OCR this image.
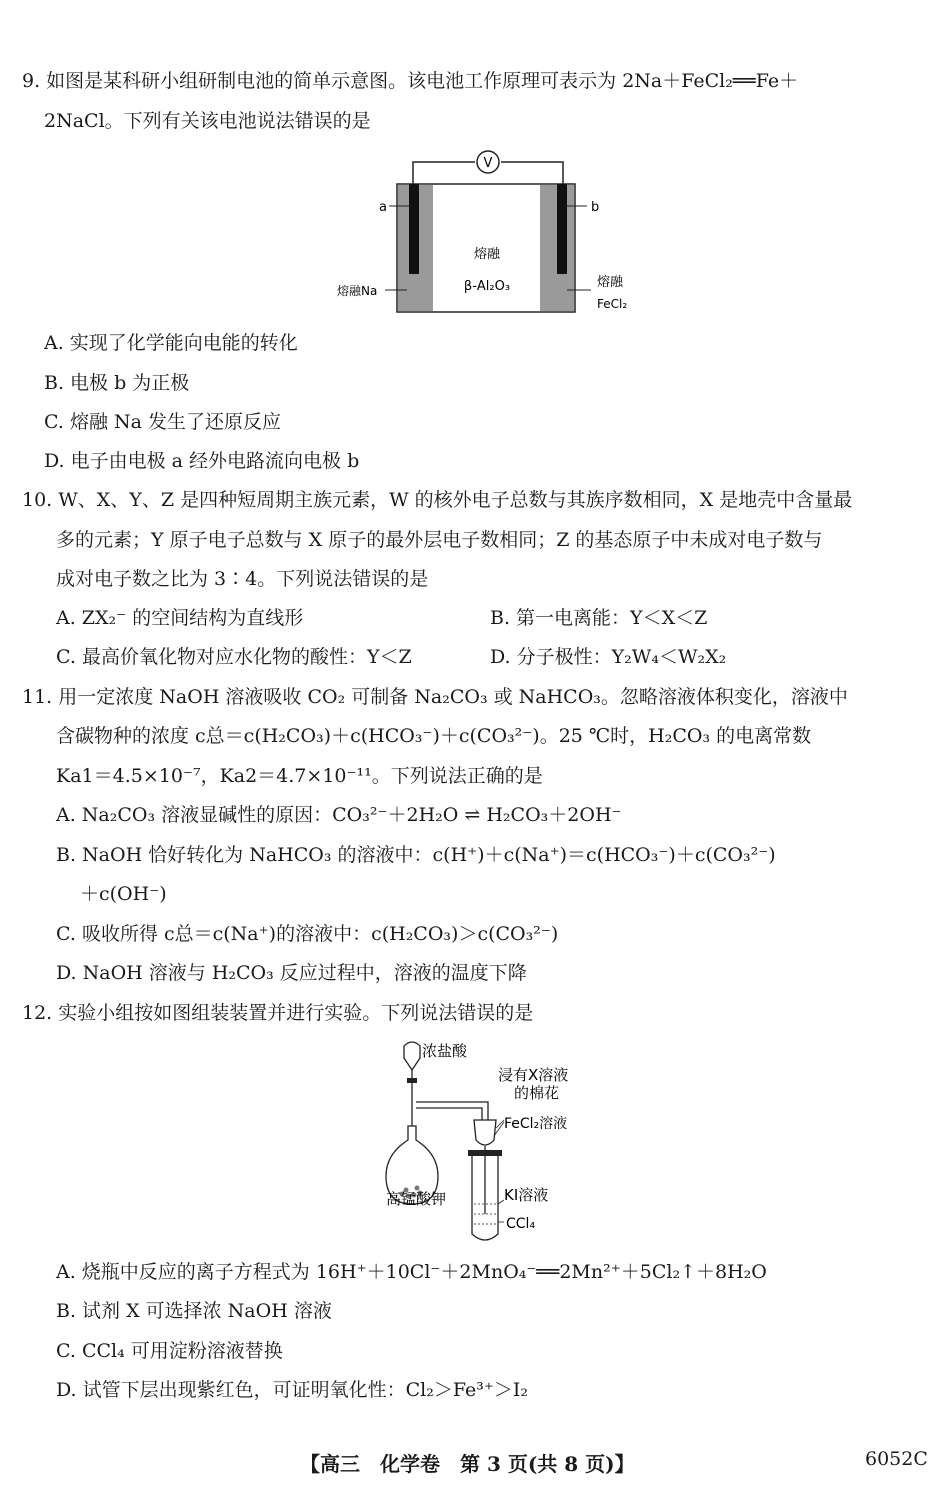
9. 如图是某科研小组研制电池的简单示意图。该电池工作原理可表示为 2Na＋FeCl₂══Fe＋
2NaCl。下列有关该电池说法错误的是
V
a	b
熔融Na
熔融
β-Al₂O₃	熔融
FeCl₂
A. 实现了化学能向电能的转化
B. 电极 b 为正极
C. 熔融 Na 发生了还原反应
D. 电子由电极 a 经外电路流向电极 b
10. W、X、Y、Z 是四种短周期主族元素，W 的核外电子总数与其族序数相同，X 是地壳中含量最
多的元素；Y 原子电子总数与 X 原子的最外层电子数相同；Z 的基态原子中未成对电子数与
成对电子数之比为 3∶4。下列说法错误的是
A. ZX₂⁻ 的空间结构为直线形	B. 第一电离能：Y＜X＜Z
C. 最高价氧化物对应水化物的酸性：Y＜Z	D. 分子极性：Y₂W₄＜W₂X₂
11. 用一定浓度 NaOH 溶液吸收 CO₂ 可制备 Na₂CO₃ 或 NaHCO₃。忽略溶液体积变化，溶液中
含碳物种的浓度 c总＝c(H₂CO₃)＋c(HCO₃⁻)＋c(CO₃²⁻)。25 ℃时，H₂CO₃ 的电离常数
Ka1＝4.5×10⁻⁷，Ka2＝4.7×10⁻¹¹。下列说法正确的是
A. Na₂CO₃ 溶液显碱性的原因：CO₃²⁻＋2H₂O ⇌ H₂CO₃＋2OH⁻
B. NaOH 恰好转化为 NaHCO₃ 的溶液中：c(H⁺)＋c(Na⁺)＝c(HCO₃⁻)＋c(CO₃²⁻)
＋c(OH⁻)
C. 吸收所得 c总＝c(Na⁺)的溶液中：c(H₂CO₃)＞c(CO₃²⁻)
D. NaOH 溶液与 H₂CO₃ 反应过程中，溶液的温度下降
12. 实验小组按如图组装装置并进行实验。下列说法错误的是
浓盐酸
浸有X溶液
的棉花
FeCl₂溶液
高锰酸钾	KI溶液
CCl₄
A. 烧瓶中反应的离子方程式为 16H⁺＋10Cl⁻＋2MnO₄⁻══2Mn²⁺＋5Cl₂↑＋8H₂O
B. 试剂 X 可选择浓 NaOH 溶液
C. CCl₄ 可用淀粉溶液替换
D. 试管下层出现紫红色，可证明氧化性：Cl₂＞Fe³⁺＞I₂
【高三　化学卷　第 3 页(共 8 页)】	6052C
